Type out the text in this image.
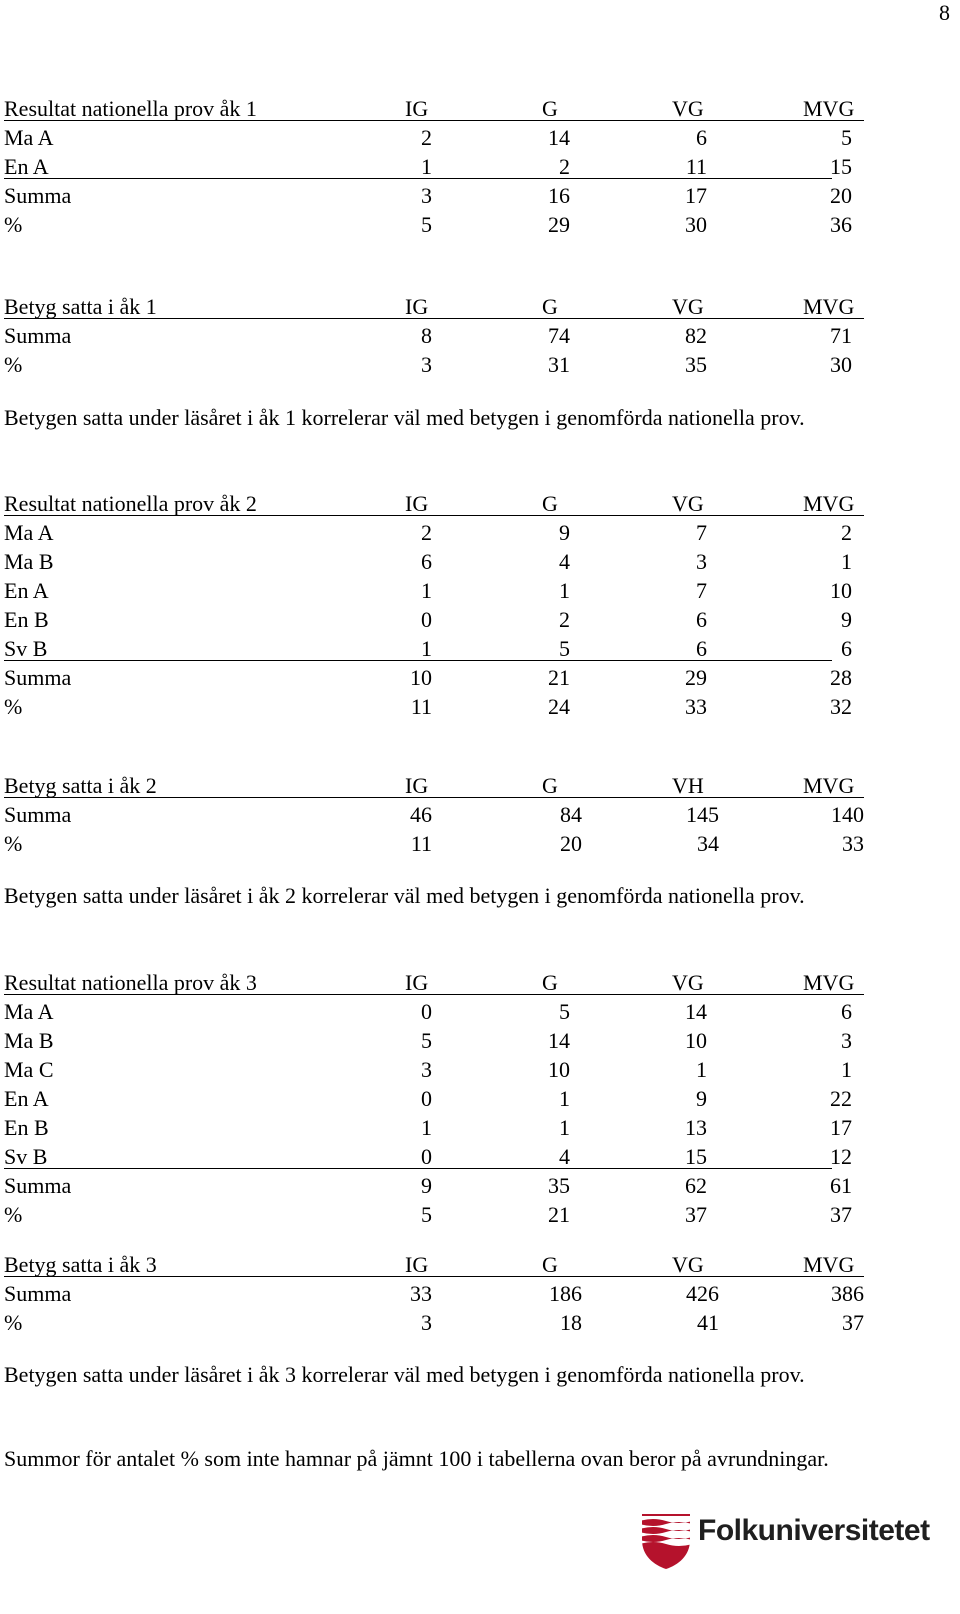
8
Resultat nationella prov åk 1	IG	G	VG	MVG
Ma A	2	14	6	5
En A	1	2	11	15
Summa	3	16	17	20
%	5	29	30	36
Betyg satta i åk 1	IG	G	VG	MVG
Summa	8	74	82	71
%	3	31	35	30
Betygen satta under läsåret i åk 1 korrelerar väl med betygen i genomförda nationella prov.
Resultat nationella prov åk 2	IG	G	VG	MVG
Ma A	2	9	7	2
Ma B	6	4	3	1
En A	1	1	7	10
En B	0	2	6	9
Sv B	1	5	6	6
Summa	10	21	29	28
%	11	24	33	32
Betyg satta i åk 2	IG	G	VH	MVG
Summa	46	84	145	140
%	11	20	34	33
Betygen satta under läsåret i åk 2 korrelerar väl med betygen i genomförda nationella prov.
Resultat nationella prov åk 3	IG	G	VG	MVG
Ma A	0	5	14	6
Ma B	5	14	10	3
Ma C	3	10	1	1
En A	0	1	9	22
En B	1	1	13	17
Sv B	0	4	15	12
Summa	9	35	62	61
%	5	21	37	37
Betyg satta i åk 3	IG	G	VG	MVG
Summa	33	186	426	386
%	3	18	41	37
Betygen satta under läsåret i åk 3 korrelerar väl med betygen i genomförda nationella prov.
Summor för antalet % som inte hamnar på jämnt 100 i tabellerna ovan beror på avrundningar.
Folkuniversitetet
